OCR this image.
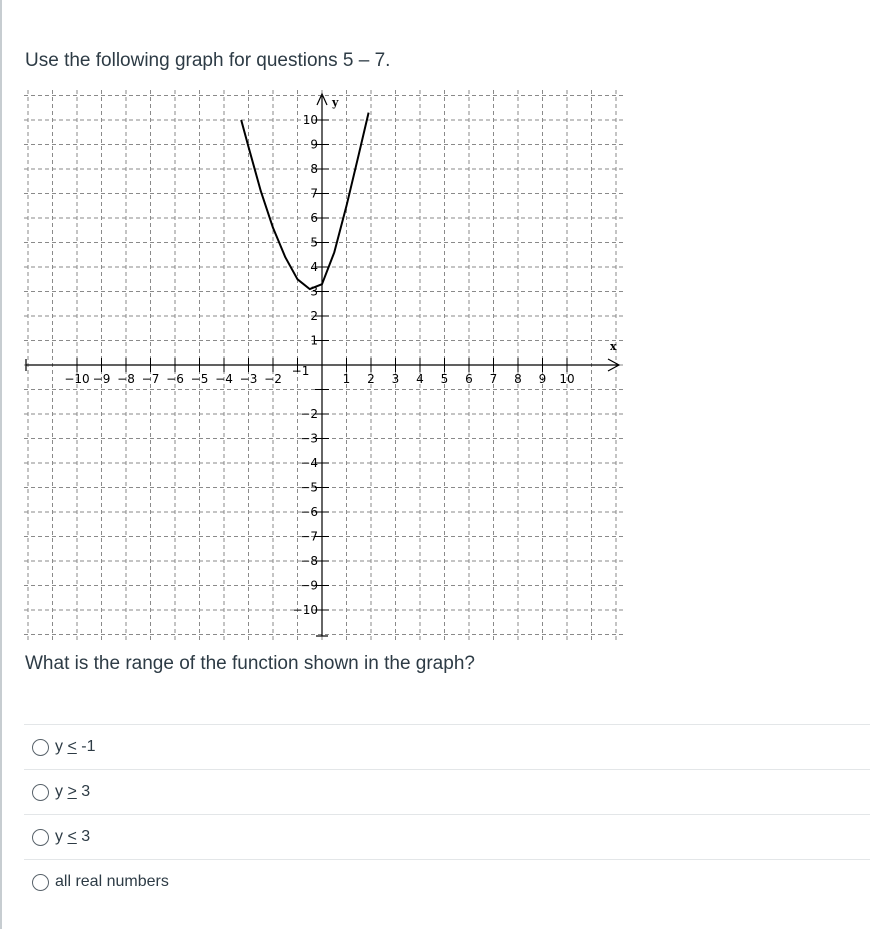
Use the following graph for questions 5 – 7.

−10 −9 −8 −7 −6 −5 −4 −3 −2
−1
1 2 3 4 5 6 7 8 9 10
10
9
8
7
6
5
4
3
2
1
−2
−3
−4
−5
−6
−7
−8
−9
−10
x
y

What is the range of the function shown in the graph?

y < -1
y > 3
y < 3
all real numbers
